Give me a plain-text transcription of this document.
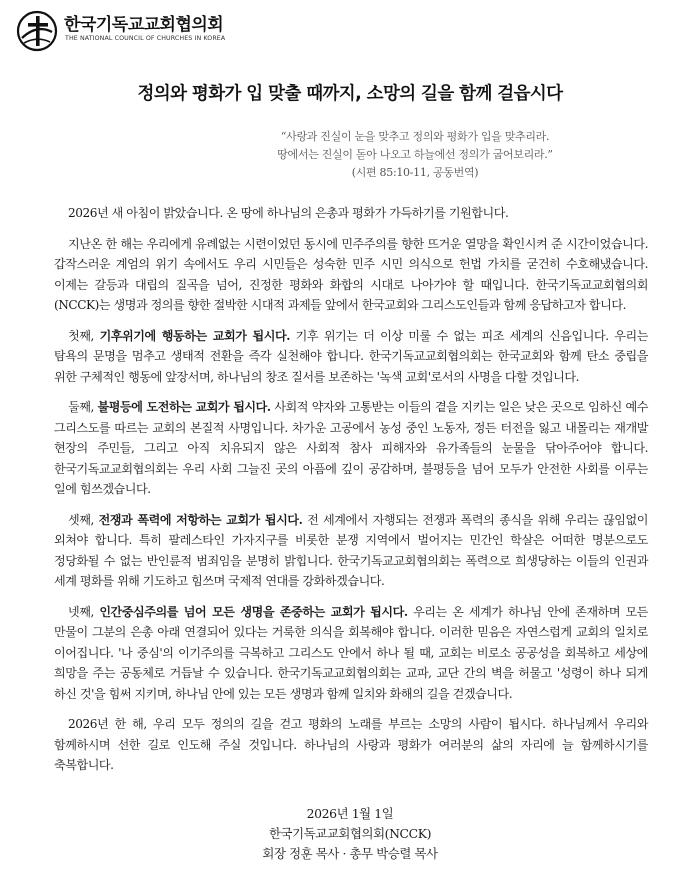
한국기독교교회협의회
THE NATIONAL COUNCIL OF CHURCHES IN KOREA
정의와 평화가 입 맞출 때까지, 소망의 길을 함께 걸읍시다
“사랑과 진실이 눈을 맞추고 정의와 평화가 입을 맞추리라.
땅에서는 진실이 돋아 나오고 하늘에선 정의가 굽어보리라.”
(시편 85:10-11, 공동번역)

2026년 새 아침이 밝았습니다. 온 땅에 하나님의 은총과 평화가 가득하기를 기원합니다.

지난온 한 해는 우리에게 유례없는 시련이었던 동시에 민주주의를 향한 뜨거운 열망을 확인시켜 준 시간이었습니다. 갑작스러운 계엄의 위기 속에서도 우리 시민들은 성숙한 민주 시민 의식으로 헌법 가치를 굳건히 수호해냈습니다. 이제는 갈등과 대립의 질곡을 넘어, 진정한 평화와 화합의 시대로 나아가야 할 때입니다. 한국기독교교회협의회(NCCK)는 생명과 정의를 향한 절박한 시대적 과제들 앞에서 한국교회와 그리스도인들과 함께 응답하고자 합니다.

첫째, 기후위기에 행동하는 교회가 됩시다. 기후 위기는 더 이상 미룰 수 없는 피조 세계의 신음입니다. 우리는 탐욕의 문명을 멈추고 생태적 전환을 즉각 실천해야 합니다. 한국기독교교회협의회는 한국교회와 함께 탄소 중립을 위한 구체적인 행동에 앞장서며, 하나님의 창조 질서를 보존하는 '녹색 교회'로서의 사명을 다할 것입니다.

둘째, 불평등에 도전하는 교회가 됩시다. 사회적 약자와 고통받는 이들의 곁을 지키는 일은 낮은 곳으로 임하신 예수 그리스도를 따르는 교회의 본질적 사명입니다. 차가운 고공에서 농성 중인 노동자, 정든 터전을 잃고 내몰리는 재개발 현장의 주민들, 그리고 아직 치유되지 않은 사회적 참사 피해자와 유가족들의 눈물을 닦아주어야 합니다. 한국기독교교회협의회는 우리 사회 그늘진 곳의 아픔에 깊이 공감하며, 불평등을 넘어 모두가 안전한 사회를 이루는 일에 힘쓰겠습니다.

셋째, 전쟁과 폭력에 저항하는 교회가 됩시다. 전 세계에서 자행되는 전쟁과 폭력의 종식을 위해 우리는 끊임없이 외쳐야 합니다. 특히 팔레스타인 가자지구를 비롯한 분쟁 지역에서 벌어지는 민간인 학살은 어떠한 명분으로도 정당화될 수 없는 반인륜적 범죄임을 분명히 밝힙니다. 한국기독교교회협의회는 폭력으로 희생당하는 이들의 인권과 세계 평화를 위해 기도하고 힘쓰며 국제적 연대를 강화하겠습니다.

넷째, 인간중심주의를 넘어 모든 생명을 존중하는 교회가 됩시다. 우리는 온 세계가 하나님 안에 존재하며 모든 만물이 그분의 은총 아래 연결되어 있다는 거룩한 의식을 회복해야 합니다. 이러한 믿음은 자연스럽게 교회의 일치로 이어집니다. '나 중심'의 이기주의를 극복하고 그리스도 안에서 하나 될 때, 교회는 비로소 공공성을 회복하고 세상에 희망을 주는 공동체로 거듭날 수 있습니다. 한국기독교교회협의회는 교파, 교단 간의 벽을 허물고 '성령이 하나 되게 하신 것'을 힘써 지키며, 하나님 안에 있는 모든 생명과 함께 일치와 화해의 길을 걷겠습니다.

2026년 한 해, 우리 모두 정의의 길을 걷고 평화의 노래를 부르는 소망의 사람이 됩시다. 하나님께서 우리와 함께하시며 선한 길로 인도해 주실 것입니다. 하나님의 사랑과 평화가 여러분의 삶의 자리에 늘 함께하시기를 축복합니다.

2026년 1월 1일
한국기독교교회협의회(NCCK)
회장 정훈 목사 · 총무 박승렬 목사
